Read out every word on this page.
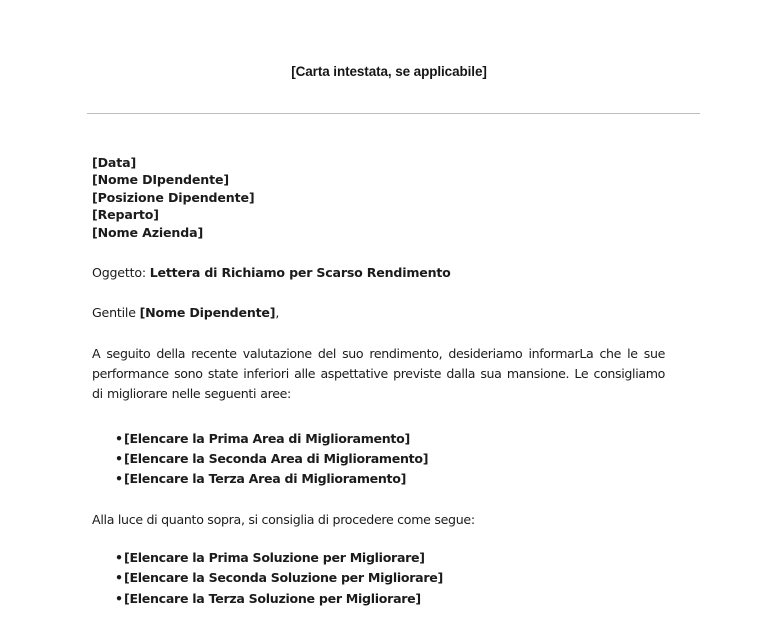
[Carta intestata, se applicabile]
[Data]
[Nome DIpendente]
[Posizione Dipendente]
[Reparto]
[Nome Azienda]
Oggetto: Lettera di Richiamo per Scarso Rendimento
Gentile [Nome Dipendente],

A seguito della recente valutazione del suo rendimento, desideriamo informarLa che le sue performance sono state inferiori alle aspettative previste dalla sua mansione. Le consigliamo di migliorare nelle seguenti aree:

•[Elencare la Prima Area di Miglioramento]
•[Elencare la Seconda Area di Miglioramento]
•[Elencare la Terza Area di Miglioramento]
Alla luce di quanto sopra, si consiglia di procedere come segue:
•[Elencare la Prima Soluzione per Migliorare]
•[Elencare la Seconda Soluzione per Migliorare]
•[Elencare la Terza Soluzione per Migliorare]
